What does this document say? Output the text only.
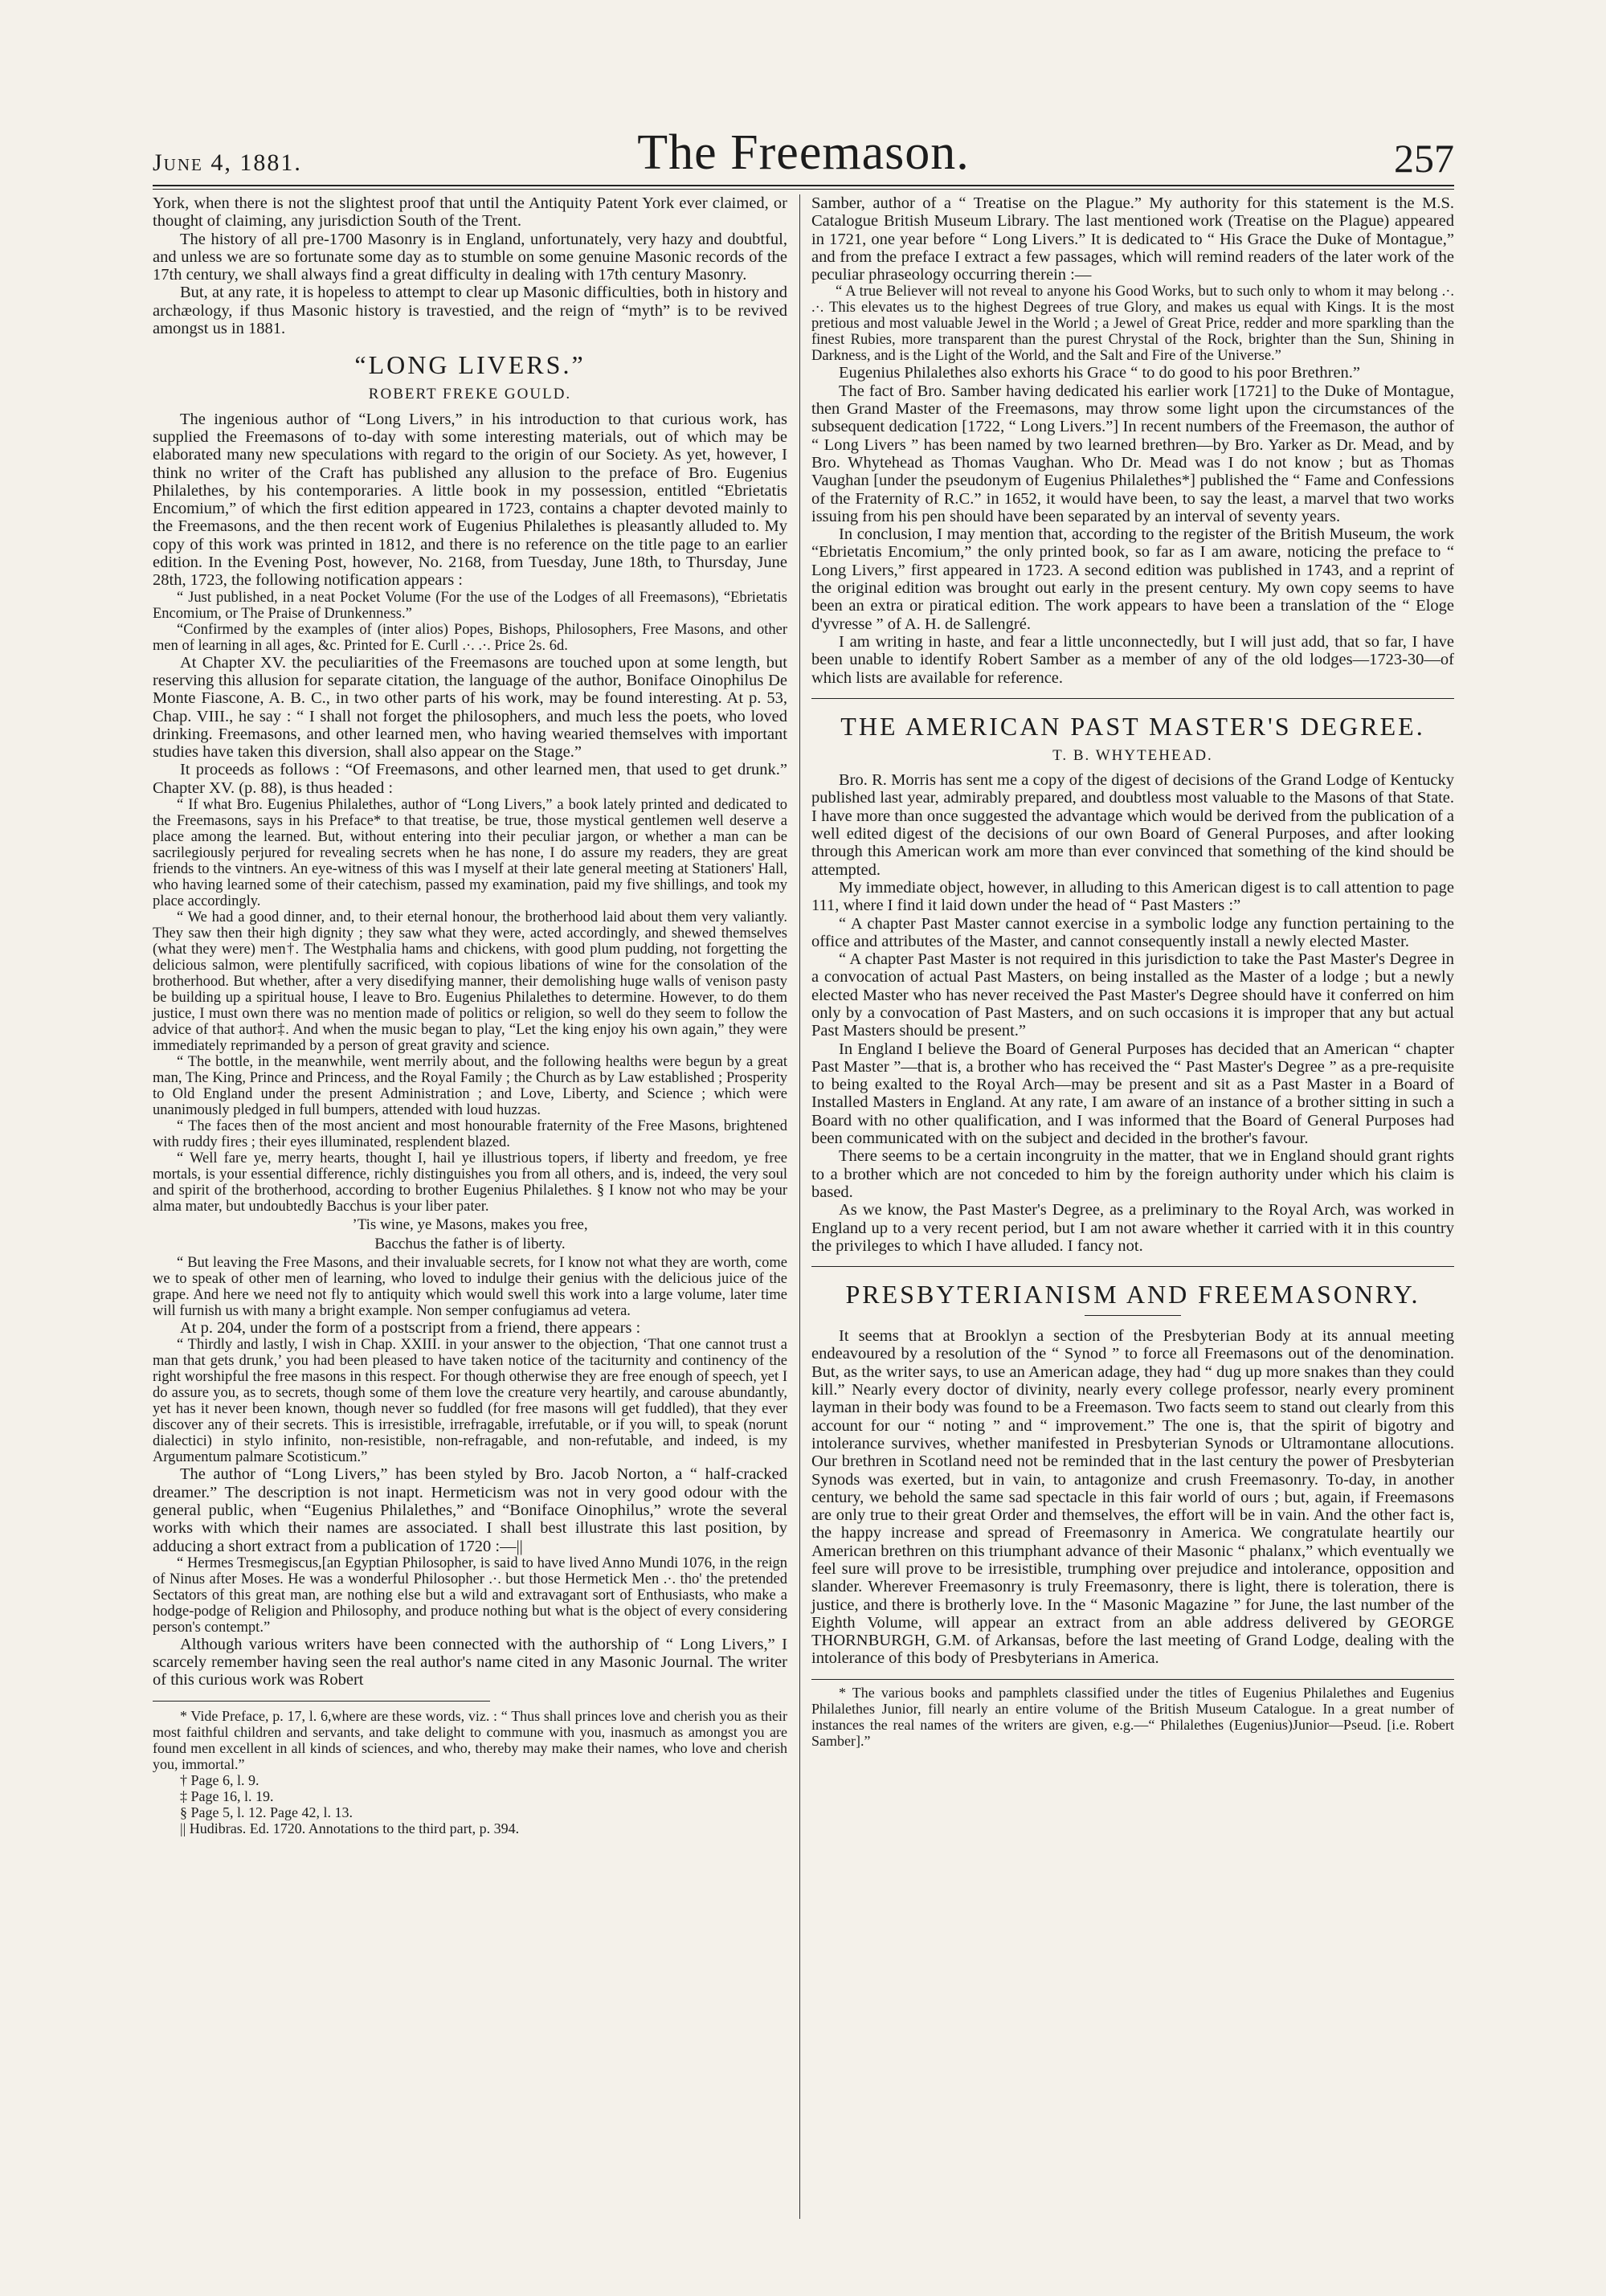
June 4, 1881.	The Freemason.	257

York, when there is not the slightest proof that until the Antiquity Patent York ever claimed, or thought of claiming, any jurisdiction South of the Trent.

The history of all pre-1700 Masonry is in England, unfortunately, very hazy and doubtful, and unless we are so fortunate some day as to stumble on some genuine Masonic records of the 17th century, we shall always find a great difficulty in dealing with 17th century Masonry.

But, at any rate, it is hopeless to attempt to clear up Masonic difficulties, both in history and archæology, if thus Masonic history is travestied, and the reign of “myth” is to be revived amongst us in 1881.

“LONG LIVERS.”
ROBERT FREKE GOULD.

The ingenious author of “Long Livers,” in his introduction to that curious work, has supplied the Freemasons of to-day with some interesting materials, out of which may be elaborated many new speculations with regard to the origin of our Society. As yet, however, I think no writer of the Craft has published any allusion to the preface of Bro. Eugenius Philalethes, by his contemporaries. A little book in my possession, entitled “Ebrietatis Encomium,” of which the first edition appeared in 1723, contains a chapter devoted mainly to the Freemasons, and the then recent work of Eugenius Philalethes is pleasantly alluded to. My copy of this work was printed in 1812, and there is no reference on the title page to an earlier edition. In the Evening Post, however, No. 2168, from Tuesday, June 18th, to Thursday, June 28th, 1723, the following notification appears :

“ Just published, in a neat Pocket Volume (For the use of the Lodges of all Freemasons), “Ebrietatis Encomium, or The Praise of Drunkenness.”

“Confirmed by the examples of (inter alios) Popes, Bishops, Philosophers, Free Masons, and other men of learning in all ages, &c. Printed for E. Curll .·. .·. Price 2s. 6d.

At Chapter XV. the peculiarities of the Freemasons are touched upon at some length, but reserving this allusion for separate citation, the language of the author, Boniface Oinophilus De Monte Fiascone, A. B. C., in two other parts of his work, may be found interesting. At p. 53, Chap. VIII., he say : “ I shall not forget the philosophers, and much less the poets, who loved drinking. Freemasons, and other learned men, who having wearied themselves with important studies have taken this diversion, shall also appear on the Stage.”

It proceeds as follows : “Of Freemasons, and other learned men, that used to get drunk.” Chapter XV. (p. 88), is thus headed :

“ If what Bro. Eugenius Philalethes, author of “Long Livers,” a book lately printed and dedicated to the Freemasons, says in his Preface* to that treatise, be true, those mystical gentlemen well deserve a place among the learned. But, without entering into their peculiar jargon, or whether a man can be sacrilegiously perjured for revealing secrets when he has none, I do assure my readers, they are great friends to the vintners. An eye-witness of this was I myself at their late general meeting at Stationers' Hall, who having learned some of their catechism, passed my examination, paid my five shillings, and took my place accordingly.

“ We had a good dinner, and, to their eternal honour, the brotherhood laid about them very valiantly. They saw then their high dignity ; they saw what they were, acted accordingly, and shewed themselves (what they were) men†. The Westphalia hams and chickens, with good plum pudding, not forgetting the delicious salmon, were plentifully sacrificed, with copious libations of wine for the consolation of the brotherhood. But whether, after a very disedifying manner, their demolishing huge walls of venison pasty be building up a spiritual house, I leave to Bro. Eugenius Philalethes to determine. However, to do them justice, I must own there was no mention made of politics or religion, so well do they seem to follow the advice of that author‡. And when the music began to play, “Let the king enjoy his own again,” they were immediately reprimanded by a person of great gravity and science.

“ The bottle, in the meanwhile, went merrily about, and the following healths were begun by a great man, The King, Prince and Princess, and the Royal Family ; the Church as by Law established ; Prosperity to Old England under the present Administration ; and Love, Liberty, and Science ; which were unanimously pledged in full bumpers, attended with loud huzzas.

“ The faces then of the most ancient and most honourable fraternity of the Free Masons, brightened with ruddy fires ; their eyes illuminated, resplendent blazed.

“ Well fare ye, merry hearts, thought I, hail ye illustrious topers, if liberty and freedom, ye free mortals, is your essential difference, richly distinguishes you from all others, and is, indeed, the very soul and spirit of the brotherhood, according to brother Eugenius Philalethes. § I know not who may be your alma mater, but undoubtedly Bacchus is your liber pater.

’Tis wine, ye Masons, makes you free,
Bacchus the father is of liberty.

“ But leaving the Free Masons, and their invaluable secrets, for I know not what they are worth, come we to speak of other men of learning, who loved to indulge their genius with the delicious juice of the grape. And here we need not fly to antiquity which would swell this work into a large volume, later time will furnish us with many a bright example. Non semper confugiamus ad vetera.

At p. 204, under the form of a postscript from a friend, there appears :

“ Thirdly and lastly, I wish in Chap. XXIII. in your answer to the objection, ‘That one cannot trust a man that gets drunk,’ you had been pleased to have taken notice of the taciturnity and continency of the right worshipful the free masons in this respect. For though otherwise they are free enough of speech, yet I do assure you, as to secrets, though some of them love the creature very heartily, and carouse abundantly, yet has it never been known, though never so fuddled (for free masons will get fuddled), that they ever discover any of their secrets. This is irresistible, irrefragable, irrefutable, or if you will, to speak (norunt dialectici) in stylo infinito, non-resistible, non-refragable, and non-refutable, and indeed, is my Argumentum palmare Scotisticum.”

The author of “Long Livers,” has been styled by Bro. Jacob Norton, a “ half-cracked dreamer.” The description is not inapt. Hermeticism was not in very good odour with the general public, when “Eugenius Philalethes,” and “Boniface Oinophilus,” wrote the several works with which their names are associated. I shall best illustrate this last position, by adducing a short extract from a publication of 1720 :—||

“ Hermes Tresmegiscus,[an Egyptian Philosopher, is said to have lived Anno Mundi 1076, in the reign of Ninus after Moses. He was a wonderful Philosopher .·. but those Hermetick Men .·. tho' the pretended Sectators of this great man, are nothing else but a wild and extravagant sort of Enthusiasts, who make a hodge-podge of Religion and Philosophy, and produce nothing but what is the object of every considering person's contempt.”

Although various writers have been connected with the authorship of “ Long Livers,” I scarcely remember having seen the real author's name cited in any Masonic Journal. The writer of this curious work was Robert

* Vide Preface, p. 17, l. 6,where are these words, viz. : “ Thus shall princes love and cherish you as their most faithful children and servants, and take delight to commune with you, inasmuch as amongst you are found men excellent in all kinds of sciences, and who, thereby may make their names, who love and cherish you, immortal.”
† Page 6, l. 9.
‡ Page 16, l. 19.
§ Page 5, l. 12. Page 42, l. 13.
|| Hudibras. Ed. 1720. Annotations to the third part, p. 394.

Samber, author of a “ Treatise on the Plague.” My authority for this statement is the M.S. Catalogue British Museum Library. The last mentioned work (Treatise on the Plague) appeared in 1721, one year before “ Long Livers.” It is dedicated to “ His Grace the Duke of Montague,” and from the preface I extract a few passages, which will remind readers of the later work of the peculiar phraseology occurring therein :—

“ A true Believer will not reveal to anyone his Good Works, but to such only to whom it may belong .·. .·. This elevates us to the highest Degrees of true Glory, and makes us equal with Kings. It is the most pretious and most valuable Jewel in the World ; a Jewel of Great Price, redder and more sparkling than the finest Rubies, more transparent than the purest Chrystal of the Rock, brighter than the Sun, Shining in Darkness, and is the Light of the World, and the Salt and Fire of the Universe.”

Eugenius Philalethes also exhorts his Grace “ to do good to his poor Brethren.”

The fact of Bro. Samber having dedicated his earlier work [1721] to the Duke of Montague, then Grand Master of the Freemasons, may throw some light upon the circumstances of the subsequent dedication [1722, “ Long Livers.”] In recent numbers of the Freemason, the author of “ Long Livers ” has been named by two learned brethren—by Bro. Yarker as Dr. Mead, and by Bro. Whytehead as Thomas Vaughan. Who Dr. Mead was I do not know ; but as Thomas Vaughan [under the pseudonym of Eugenius Philalethes*] published the “ Fame and Confessions of the Fraternity of R.C.” in 1652, it would have been, to say the least, a marvel that two works issuing from his pen should have been separated by an interval of seventy years.

In conclusion, I may mention that, according to the register of the British Museum, the work “Ebrietatis Encomium,” the only printed book, so far as I am aware, noticing the preface to “ Long Livers,” first appeared in 1723. A second edition was published in 1743, and a reprint of the original edition was brought out early in the present century. My own copy seems to have been an extra or piratical edition. The work appears to have been a translation of the “ Eloge d'yvresse ” of A. H. de Sallengré.

I am writing in haste, and fear a little unconnectedly, but I will just add, that so far, I have been unable to identify Robert Samber as a member of any of the old lodges—1723-30—of which lists are available for reference.

THE AMERICAN PAST MASTER'S DEGREE.
T. B. WHYTEHEAD.

Bro. R. Morris has sent me a copy of the digest of decisions of the Grand Lodge of Kentucky published last year, admirably prepared, and doubtless most valuable to the Masons of that State. I have more than once suggested the advantage which would be derived from the publication of a well edited digest of the decisions of our own Board of General Purposes, and after looking through this American work am more than ever convinced that something of the kind should be attempted.

My immediate object, however, in alluding to this American digest is to call attention to page 111, where I find it laid down under the head of “ Past Masters :”

“ A chapter Past Master cannot exercise in a symbolic lodge any function pertaining to the office and attributes of the Master, and cannot consequently install a newly elected Master.

“ A chapter Past Master is not required in this jurisdiction to take the Past Master's Degree in a convocation of actual Past Masters, on being installed as the Master of a lodge ; but a newly elected Master who has never received the Past Master's Degree should have it conferred on him only by a convocation of Past Masters, and on such occasions it is improper that any but actual Past Masters should be present.”

In England I believe the Board of General Purposes has decided that an American “ chapter Past Master ”—that is, a brother who has received the “ Past Master's Degree ” as a pre-requisite to being exalted to the Royal Arch—may be present and sit as a Past Master in a Board of Installed Masters in England. At any rate, I am aware of an instance of a brother sitting in such a Board with no other qualification, and I was informed that the Board of General Purposes had been communicated with on the subject and decided in the brother's favour.

There seems to be a certain incongruity in the matter, that we in England should grant rights to a brother which are not conceded to him by the foreign authority under which his claim is based.

As we know, the Past Master's Degree, as a preliminary to the Royal Arch, was worked in England up to a very recent period, but I am not aware whether it carried with it in this country the privileges to which I have alluded. I fancy not.

PRESBYTERIANISM AND FREEMASONRY.

It seems that at Brooklyn a section of the Presbyterian Body at its annual meeting endeavoured by a resolution of the “ Synod ” to force all Freemasons out of the denomination. But, as the writer says, to use an American adage, they had “ dug up more snakes than they could kill.” Nearly every doctor of divinity, nearly every college professor, nearly every prominent layman in their body was found to be a Freemason. Two facts seem to stand out clearly from this account for our “ noting ” and “ improvement.” The one is, that the spirit of bigotry and intolerance survives, whether manifested in Presbyterian Synods or Ultramontane allocutions. Our brethren in Scotland need not be reminded that in the last century the power of Presbyterian Synods was exerted, but in vain, to antagonize and crush Freemasonry. To-day, in another century, we behold the same sad spectacle in this fair world of ours ; but, again, if Freemasons are only true to their great Order and themselves, the effort will be in vain. And the other fact is, the happy increase and spread of Freemasonry in America. We congratulate heartily our American brethren on this triumphant advance of their Masonic “ phalanx,” which eventually we feel sure will prove to be irresistible, trumphing over prejudice and intolerance, opposition and slander. Wherever Freemasonry is truly Freemasonry, there is light, there is toleration, there is justice, and there is brotherly love. In the “ Masonic Magazine ” for June, the last number of the Eighth Volume, will appear an extract from an able address delivered by GEORGE THORNBURGH, G.M. of Arkansas, before the last meeting of Grand Lodge, dealing with the intolerance of this body of Presbyterians in America.

* The various books and pamphlets classified under the titles of Eugenius Philalethes and Eugenius Philalethes Junior, fill nearly an entire volume of the British Museum Catalogue. In a great number of instances the real names of the writers are given, e.g.—“ Philalethes (Eugenius)Junior—Pseud. [i.e. Robert Samber].”
